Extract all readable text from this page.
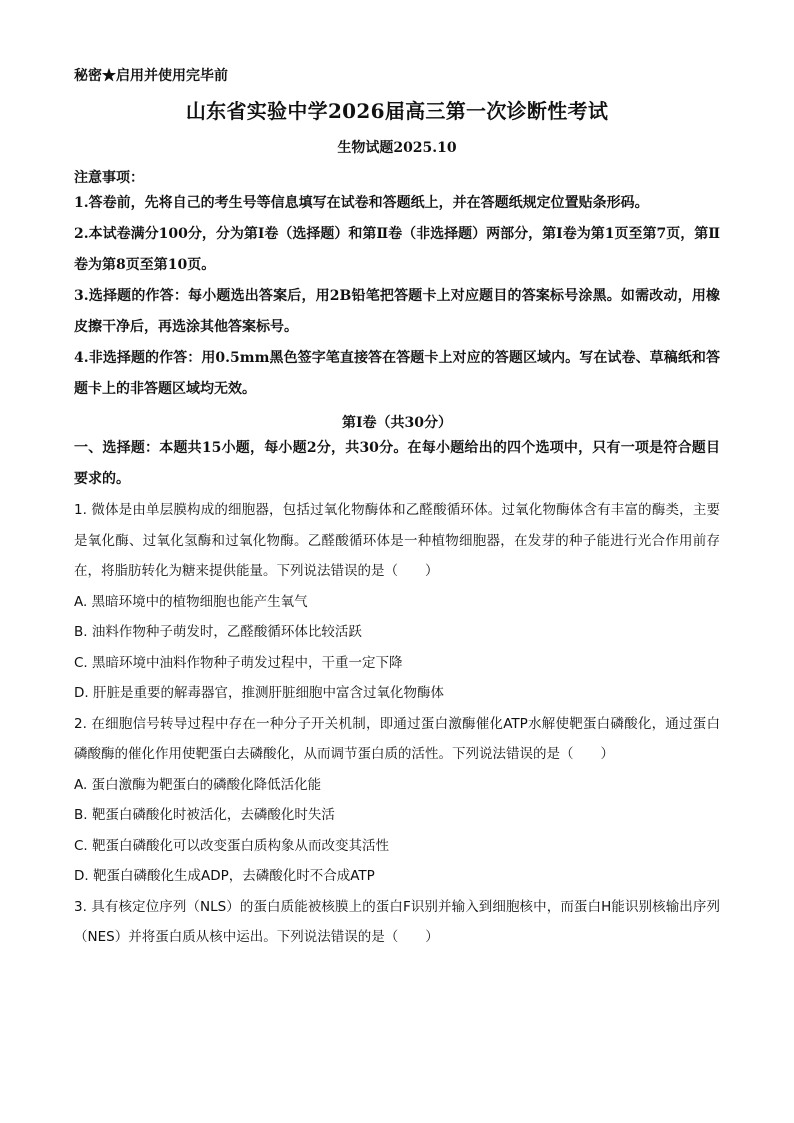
秘密★启用并使用完毕前

山东省实验中学2026届高三第一次诊断性考试

生物试题2025.10

注意事项：

1.答卷前，先将自己的考生号等信息填写在试卷和答题纸上，并在答题纸规定位置贴条形码。

2.本试卷满分100分，分为第Ⅰ卷（选择题）和第Ⅱ卷（非选择题）两部分，第Ⅰ卷为第1页至第7页，第Ⅱ卷为第8页至第10页。

3.选择题的作答：每小题选出答案后，用2B铅笔把答题卡上对应题目的答案标号涂黑。如需改动，用橡皮擦干净后，再选涂其他答案标号。

4.非选择题的作答：用0.5mm黑色签字笔直接答在答题卡上对应的答题区域内。写在试卷、草稿纸和答题卡上的非答题区域均无效。

第Ⅰ卷（共30分）

一、选择题：本题共15小题，每小题2分，共30分。在每小题给出的四个选项中，只有一项是符合题目要求的。

1. 微体是由单层膜构成的细胞器，包括过氧化物酶体和乙醛酸循环体。过氧化物酶体含有丰富的酶类，主要是氧化酶、过氧化氢酶和过氧化物酶。乙醛酸循环体是一种植物细胞器，在发芽的种子能进行光合作用前存在，将脂肪转化为糖来提供能量。下列说法错误的是（　　）

A. 黑暗环境中的植物细胞也能产生氧气

B. 油料作物种子萌发时，乙醛酸循环体比较活跃

C. 黑暗环境中油料作物种子萌发过程中，干重一定下降

D. 肝脏是重要的解毒器官，推测肝脏细胞中富含过氧化物酶体

2. 在细胞信号转导过程中存在一种分子开关机制，即通过蛋白激酶催化ATP水解使靶蛋白磷酸化，通过蛋白磷酸酶的催化作用使靶蛋白去磷酸化，从而调节蛋白质的活性。下列说法错误的是（　　）

A. 蛋白激酶为靶蛋白的磷酸化降低活化能

B. 靶蛋白磷酸化时被活化，去磷酸化时失活

C. 靶蛋白磷酸化可以改变蛋白质构象从而改变其活性

D. 靶蛋白磷酸化生成ADP，去磷酸化时不合成ATP

3. 具有核定位序列（NLS）的蛋白质能被核膜上的蛋白F识别并输入到细胞核中，而蛋白H能识别核输出序列（NES）并将蛋白质从核中运出。下列说法错误的是（　　）
